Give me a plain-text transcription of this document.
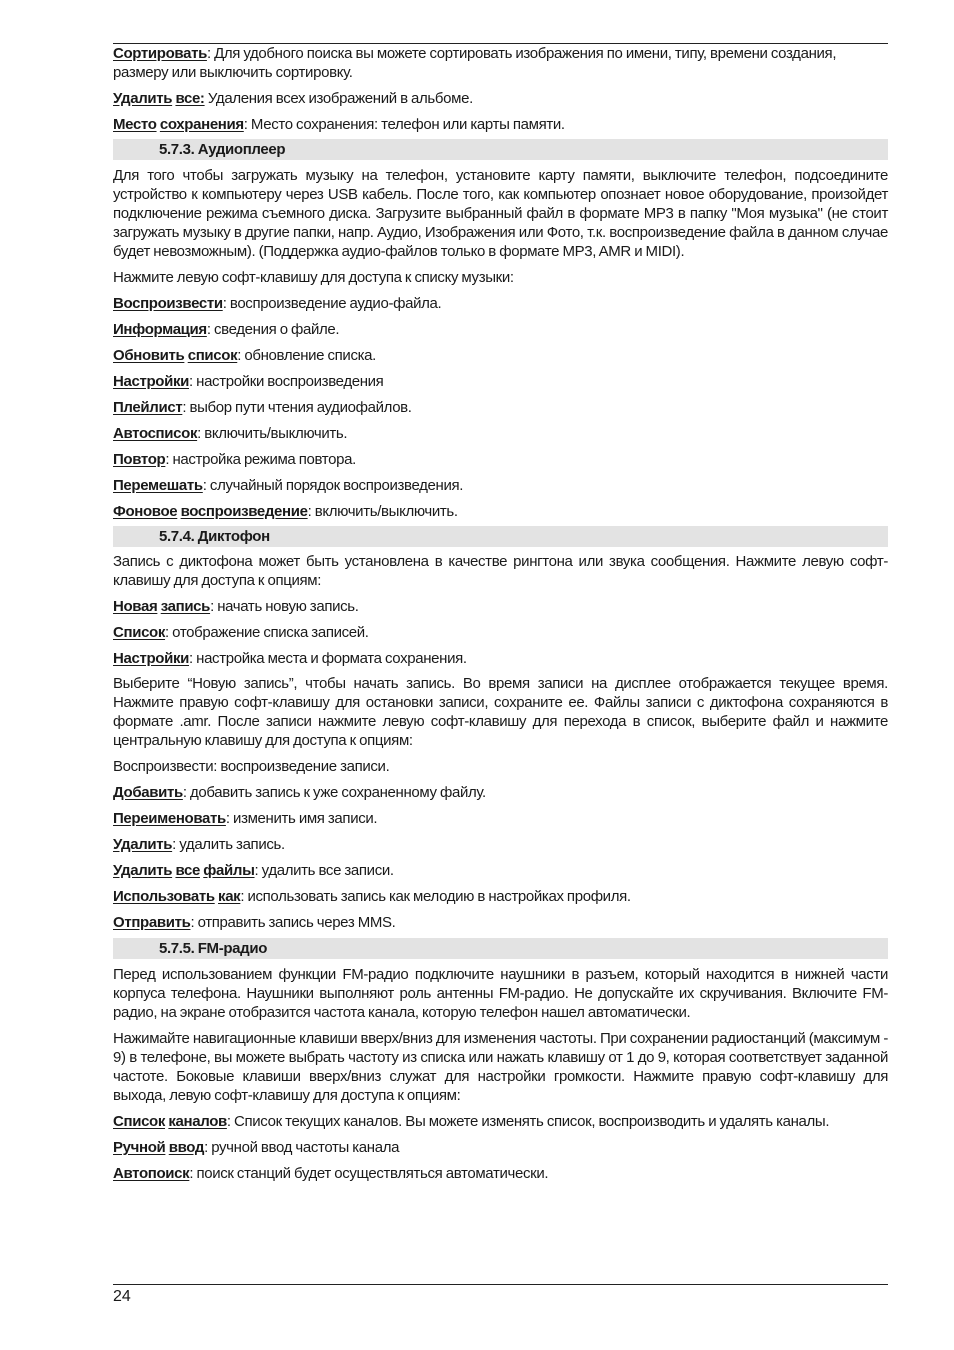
Сортировать: Для удобного поиска вы можете сортировать изображения по имени, типу, времени создания, размеру или выключить сортировку.

Удалить все: Удаления всех изображений в альбоме.

Место сохранения: Место сохранения: телефон или карты памяти.

5.7.3. Аудиоплеер

Для того чтобы загружать музыку на телефон, установите карту памяти, выключите телефон, подсоедините устройство к компьютеру через USB кабель. После того, как компьютер опознает новое оборудование, произойдет подключение режима съемного диска. Загрузите выбранный файл в формате MP3 в папку "Моя музыка" (не стоит загружать музыку в другие папки, напр. Аудио, Изображения или Фото, т.к. воспроизведение файла в данном случае будет невозможным). (Поддержка аудио-файлов только в формате MP3, AMR и MIDI).

Нажмите левую софт-клавишу для доступа к списку музыки:

Воспроизвести: воспроизведение аудио-файла.

Информация: сведения о файле.

Обновить список: обновление списка.

Настройки: настройки воспроизведения

Плейлист: выбор пути чтения аудиофайлов.

Автосписок: включить/выключить.

Повтор: настройка режима повтора.

Перемешать: случайный порядок воспроизведения.

Фоновое воспроизведение: включить/выключить.

5.7.4. Диктофон

Запись с диктофона может быть установлена в качестве рингтона или звука сообщения. Нажмите левую софт-клавишу для доступа к опциям:

Новая запись: начать новую запись.

Список: отображение списка записей.

Настройки: настройка места и формата сохранения.

Выберите “Новую запись”, чтобы начать запись. Во время записи на дисплее отображается текущее время. Нажмите правую софт-клавишу для остановки записи, сохраните ее. Файлы записи с диктофона сохраняются в формате .amr. После записи нажмите левую софт-клавишу для перехода в список, выберите файл и нажмите центральную клавишу для доступа к опциям:

Воспроизвести: воспроизведение записи.

Добавить: добавить запись к уже сохраненному файлу.

Переименовать: изменить имя записи.

Удалить: удалить запись.

Удалить все файлы: удалить все записи.

Использовать как: использовать запись как мелодию в настройках профиля.

Отправить: отправить запись через MMS.

5.7.5. FM-радио

Перед использованием функции FM-радио подключите наушники в разъем, который находится в нижней части корпуса телефона. Наушники выполняют роль антенны FM-радио. Не допускайте их скручивания. Включите FM-радио, на экране отобразится частота канала, которую телефон нашел автоматически.

Нажимайте навигационные клавиши вверх/вниз для изменения частоты. При сохранении радиостанций (максимум - 9) в телефоне, вы можете выбрать частоту из списка или нажать клавишу от 1 до 9, которая соответствует заданной частоте. Боковые клавиши вверх/вниз служат для настройки громкости. Нажмите правую софт-клавишу для выхода, левую софт-клавишу для доступа к опциям:

Список каналов: Список текущих каналов. Вы можете изменять список, воспроизводить и удалять каналы.

Ручной ввод: ручной ввод частоты канала

Автопоиск: поиск станций будет осуществляться автоматически.

24
